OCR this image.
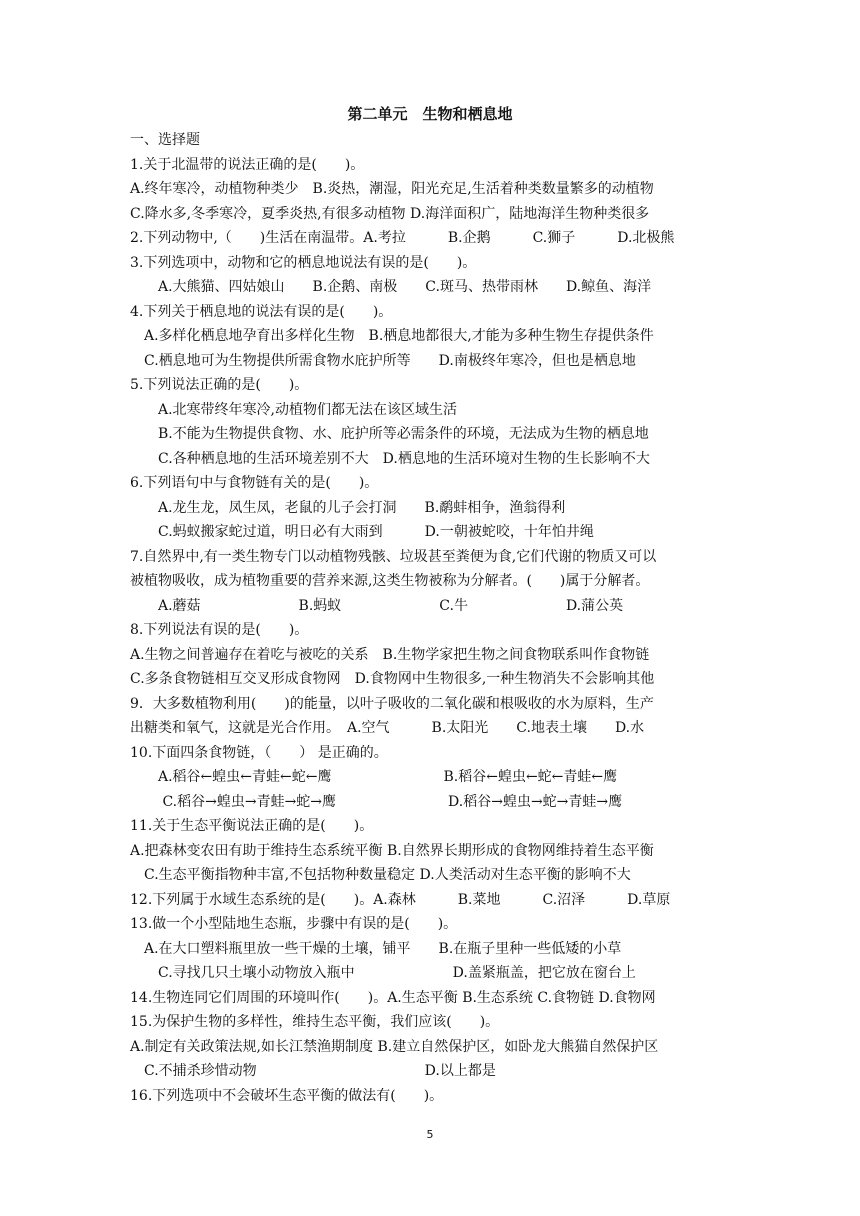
第二单元　生物和栖息地
一、选择题
1.关于北温带的说法正确的是(　　)。
A.终年寒冷，动植物种类少　B.炎热，潮湿，阳光充足,生活着种类数量繁多的动植物
C.降水多,冬季寒冷，夏季炎热,有很多动植物 D.海洋面积广，陆地海洋生物种类很多
2.下列动物中,（　　)生活在南温带。A.考拉　　　B.企鹅　　　C.狮子　　　D.北极熊
3.下列选项中，动物和它的栖息地说法有误的是(　　)。
　　A.大熊猫、四姑娘山　　B.企鹅、南极　　C.斑马、热带雨林　　D.鲸鱼、海洋
4.下列关于栖息地的说法有误的是(　　)。
　A.多样化栖息地孕育出多样化生物　B.栖息地都很大,才能为多种生物生存提供条件
　C.栖息地可为生物提供所需食物水庇护所等　　D.南极终年寒冷，但也是栖息地
5.下列说法正确的是(　　)。
　　A.北寒带终年寒冷,动植物们都无法在该区域生活
　　B.不能为生物提供食物、水、庇护所等必需条件的环境，无法成为生物的栖息地
　　C.各种栖息地的生活环境差别不大　D.栖息地的生活环境对生物的生长影响不大
6.下列语句中与食物链有关的是(　　)。
　　A.龙生龙，凤生凤，老鼠的儿子会打洞　　B.鹬蚌相争，渔翁得利
　　C.蚂蚁搬家蛇过道，明日必有大雨到　　　D.一朝被蛇咬，十年怕井绳
7.自然界中,有一类生物专门以动植物残骸、垃圾甚至粪便为食,它们代谢的物质又可以
被植物吸收，成为植物重要的营养来源,这类生物被称为分解者。(　　)属于分解者。
　　A.蘑菇　　　　　　　B.蚂蚁　　　　　　　C.牛　　　　　　　D.蒲公英
8.下列说法有误的是(　　)。
A.生物之间普遍存在着吃与被吃的关系　B.生物学家把生物之间食物联系叫作食物链
C.多条食物链相互交叉形成食物网　D.食物网中生物很多,一种生物消失不会影响其他
9．大多数植物利用(　　)的能量，以叶子吸收的二氧化碳和根吸收的水为原料，生产
出糖类和氧气，这就是光合作用。　A.空气　　　B.太阳光　　C.地表土壤　　D.水
10.下面四条食物链，（　　） 是正确的。
　　A.稻谷←蝗虫←青蛙←蛇←鹰　　　　　　　　B.稻谷←蝗虫←蛇←青蛙←鹰
　　 C.稻谷→蝗虫→青蛙→蛇→鹰　　　　　　　　D.稻谷→蝗虫→蛇→青蛙→鹰
11.关于生态平衡说法正确的是(　　)。
A.把森林变农田有助于维持生态系统平衡 B.自然界长期形成的食物网维持着生态平衡
　C.生态平衡指物种丰富,不包括物种数量稳定 D.人类活动对生态平衡的影响不大
12.下列属于水域生态系统的是(　　)。A.森林　　　B.菜地　　　C.沼泽　　　D.草原
13.做一个小型陆地生态瓶，步骤中有误的是(　　)。
　A.在大口塑料瓶里放一些干燥的土壤，铺平　　B.在瓶子里种一些低矮的小草
　　C.寻找几只土壤小动物放入瓶中　　　　　　　D.盖紧瓶盖，把它放在窗台上
14.生物连同它们周围的环境叫作(　　)。A.生态平衡 B.生态系统 C.食物链 D.食物网
15.为保护生物的多样性，维持生态平衡，我们应该(　　)。
A.制定有关政策法规,如长江禁渔期制度 B.建立自然保护区，如卧龙大熊猫自然保护区
　C.不捕杀珍惜动物　　　　　　　　　　　　D.以上都是
16.下列选项中不会破坏生态平衡的做法有(　　)。
5
